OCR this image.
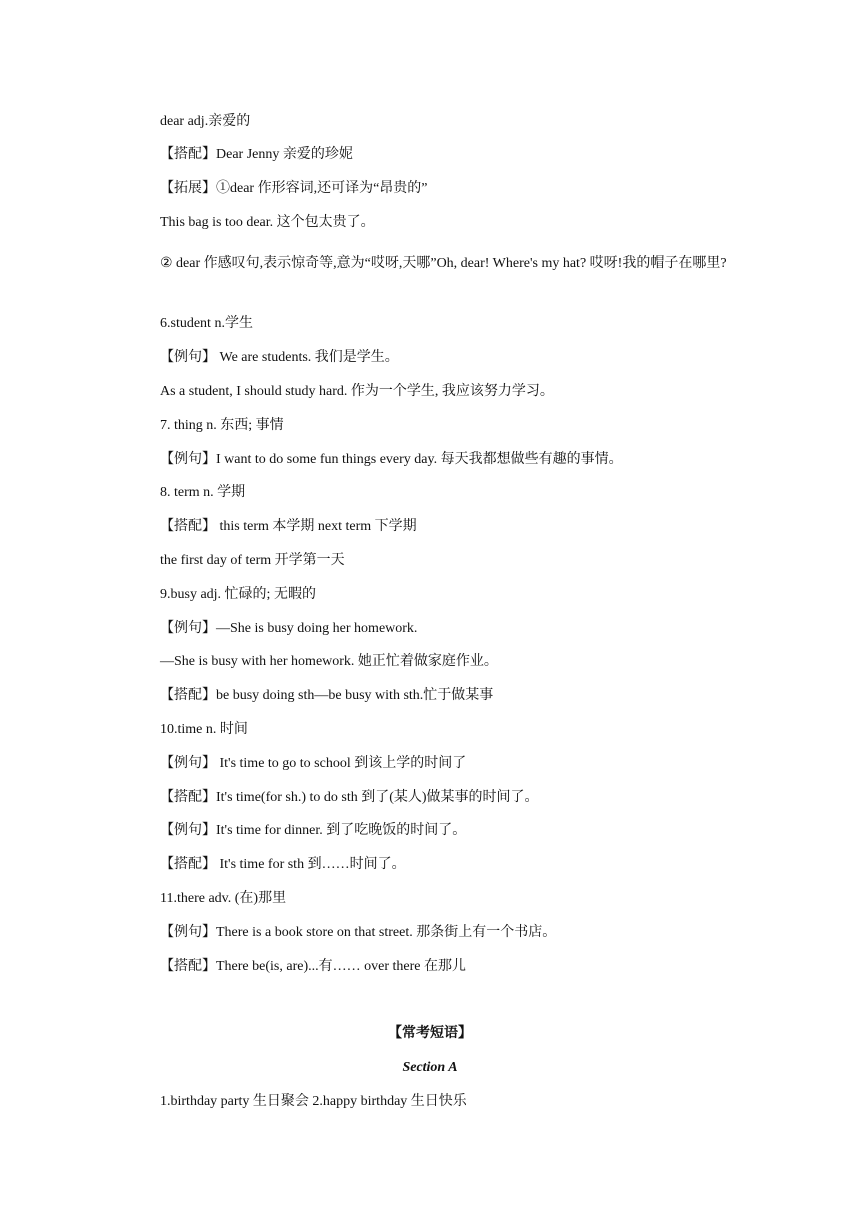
dear adj.亲爱的
【搭配】Dear Jenny 亲爱的珍妮
【拓展】①dear 作形容词,还可译为“昂贵的”
This bag is too dear. 这个包太贵了。
② dear 作感叹句,表示惊奇等,意为“哎呀,天哪”Oh, dear! Where's my hat? 哎呀!我的帽子在哪里?
6.student n.学生
【例句】 We are students. 我们是学生。
As a student, I should study hard. 作为一个学生, 我应该努力学习。
7. thing n. 东西; 事情
【例句】I want to do some fun things every day. 每天我都想做些有趣的事情。
8. term n. 学期
【搭配】 this term 本学期 next term 下学期
the first day of term 开学第一天
9.busy adj. 忙碌的; 无暇的
【例句】—She is busy doing her homework.
—She is busy with her homework. 她正忙着做家庭作业。
【搭配】be busy doing sth—be busy with sth.忙于做某事
10.time n. 时间
【例句】 It's time to go to school 到该上学的时间了
【搭配】It's time(for sh.) to do sth 到了(某人)做某事的时间了。
【例句】It's time for dinner. 到了吃晚饭的时间了。
【搭配】 It's time for sth 到……时间了。
11.there adv. (在)那里
【例句】There is a book store on that street. 那条街上有一个书店。
【搭配】There be(is, are)...有…… over there 在那儿
【常考短语】
Section A
1.birthday party 生日聚会 2.happy birthday 生日快乐
